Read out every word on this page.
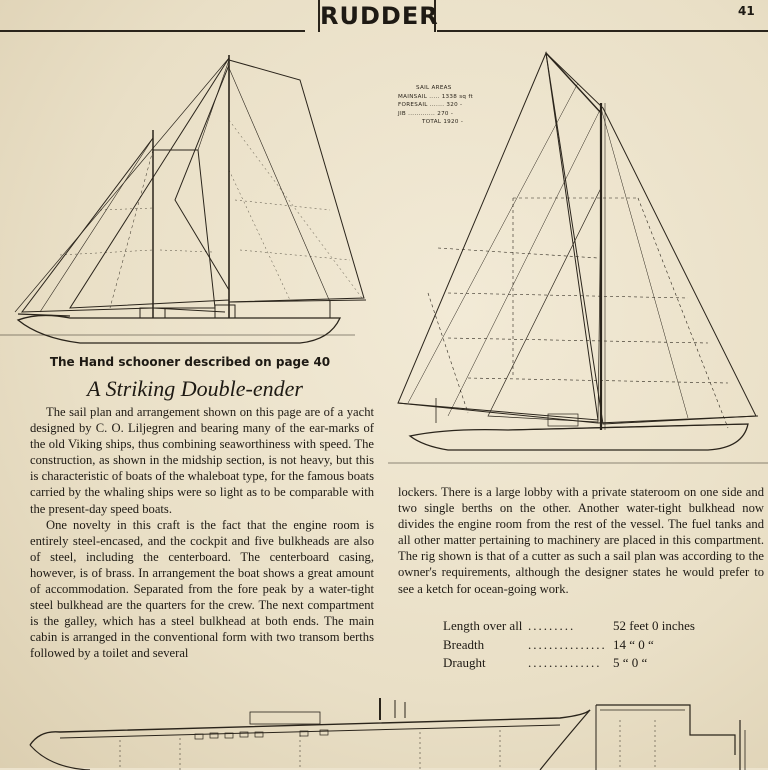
RUDDER	41
The Hand schooner described on page 40
SAIL AREAS
MAINSAIL ..... 1338 sq ft
FORESAIL ....... 320 -
JIB ............. 270 -
TOTAL 1920 -
A Striking Double-ender

The sail plan and arrangement shown on this page are of a yacht designed by C. O. Liljegren and bearing many of the ear-marks of the old Viking ships, thus combining seaworthiness with speed. The construction, as shown in the midship section, is not heavy, but this is characteristic of boats of the whaleboat type, for the famous boats carried by the whaling ships were so light as to be comparable with the present-day speed boats.

One novelty in this craft is the fact that the engine room is entirely steel-encased, and the cockpit and five bulkheads are also of steel, including the centerboard. The centerboard casing, however, is of brass. In arrangement the boat shows a great amount of accommodation. Separated from the fore peak by a water-tight steel bulkhead are the quarters for the crew. The next compartment is the galley, which has a steel bulkhead at both ends. The main cabin is arranged in the conventional form with two transom berths followed by a toilet and several

lockers. There is a large lobby with a private stateroom on one side and two single berths on the other. Another water-tight bulkhead now divides the engine room from the rest of the vessel. The fuel tanks and all other matter pertaining to machinery are placed in this compartment. The rig shown is that of a cutter as such a sail plan was according to the owner's requirements, although the designer states he would prefer to see a ketch for ocean-going work.

Length over all .........	52 feet 0 inches
Breadth	............... 14 “ 0 “
Draught	.............. 5 “ 0 “
